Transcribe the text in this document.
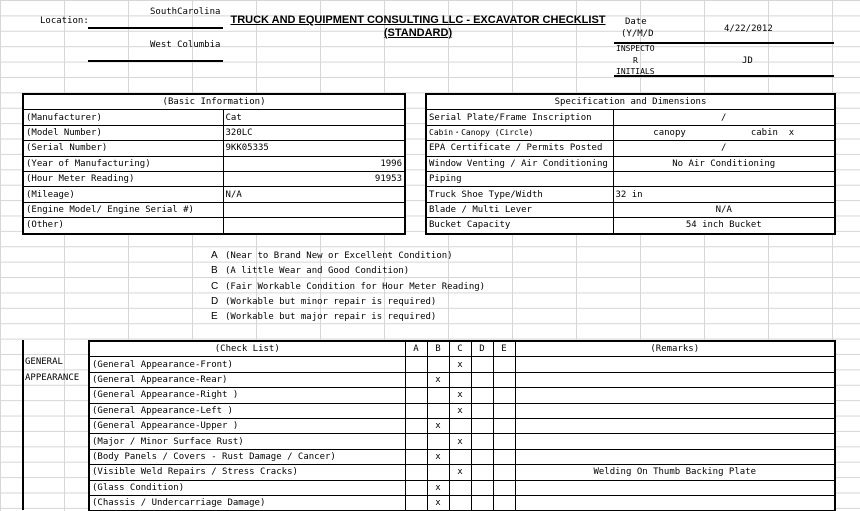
Location:
SouthCarolina
West Columbia
TRUCK AND EQUIPMENT CONSULTING LLC - EXCAVATOR CHECKLIST
(STANDARD)
Date
(Y/M/D	4/22/2012
INSPECTO
R
INITIALS
JD
(Basic Information)	
(Manufacturer)	Cat
(Model Number)	320LC
(Serial Number)	9KK05335
(Year of Manufacturing)	1996
(Hour Meter Reading)	91953
(Mileage)	N/A
(Engine Model/ Engine Serial #)	
(Other)	
Specification and Dimensions	
Serial Plate/Frame Inscription	/
Cabin・Canopy (Circle)	canopy            cabin  x
EPA Certificate / Permits Posted	/
Window Venting / Air Conditioning	No Air Conditioning
Piping	
Truck Shoe Type/Width	32 in
Blade / Multi Lever	N/A
Bucket Capacity	54 inch Bucket
A (Near to Brand New or Excellent Condition)
B (A little Wear and Good Condition)
C (Fair Workable Condition for Hour Meter Reading)
D (Workable but minor repair is required)
E (Workable but major repair is required)
GENERAL
APPEARANCE
(Check List)	A	B	C	D	E	(Remarks)
(General Appearance-Front)			x			
(General Appearance-Rear)		x				
(General Appearance-Right )			x			
(General Appearance-Left )			x			
(General Appearance-Upper )		x				
(Major / Minor Surface Rust)			x			
(Body Panels / Covers - Rust Damage / Cancer)		x				
(Visible Weld Repairs / Stress Cracks)			x			Welding On Thumb Backing Plate
(Glass Condition)		x				
(Chassis / Undercarriage Damage)		x				
